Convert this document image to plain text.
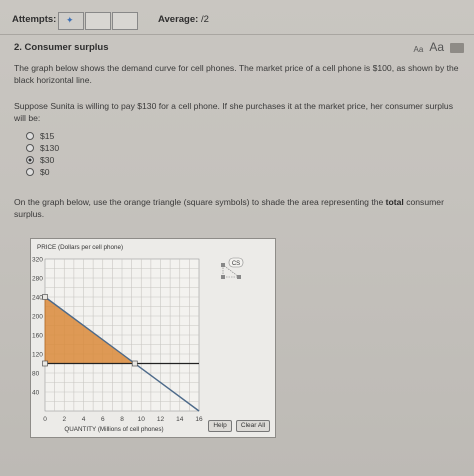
Attempts: ✦	Average: /2
2. Consumer surplus	Aa Aa
The graph below shows the demand curve for cell phones. The market price of a cell phone is $100, as shown by the black horizontal line.
Suppose Sunita is willing to pay $130 for a cell phone. If she purchases it at the market price, her consumer surplus will be:
$15
$130
$30
$0
On the graph below, use the orange triangle (square symbols) to shade the area representing the total consumer surplus.
320
280
240
200
160
120
80
40
0 2 4 6 8 10 12 14 16
PRICE (Dollars per cell phone)
QUANTITY (Millions of cell phones)
CS
Help	Clear All
